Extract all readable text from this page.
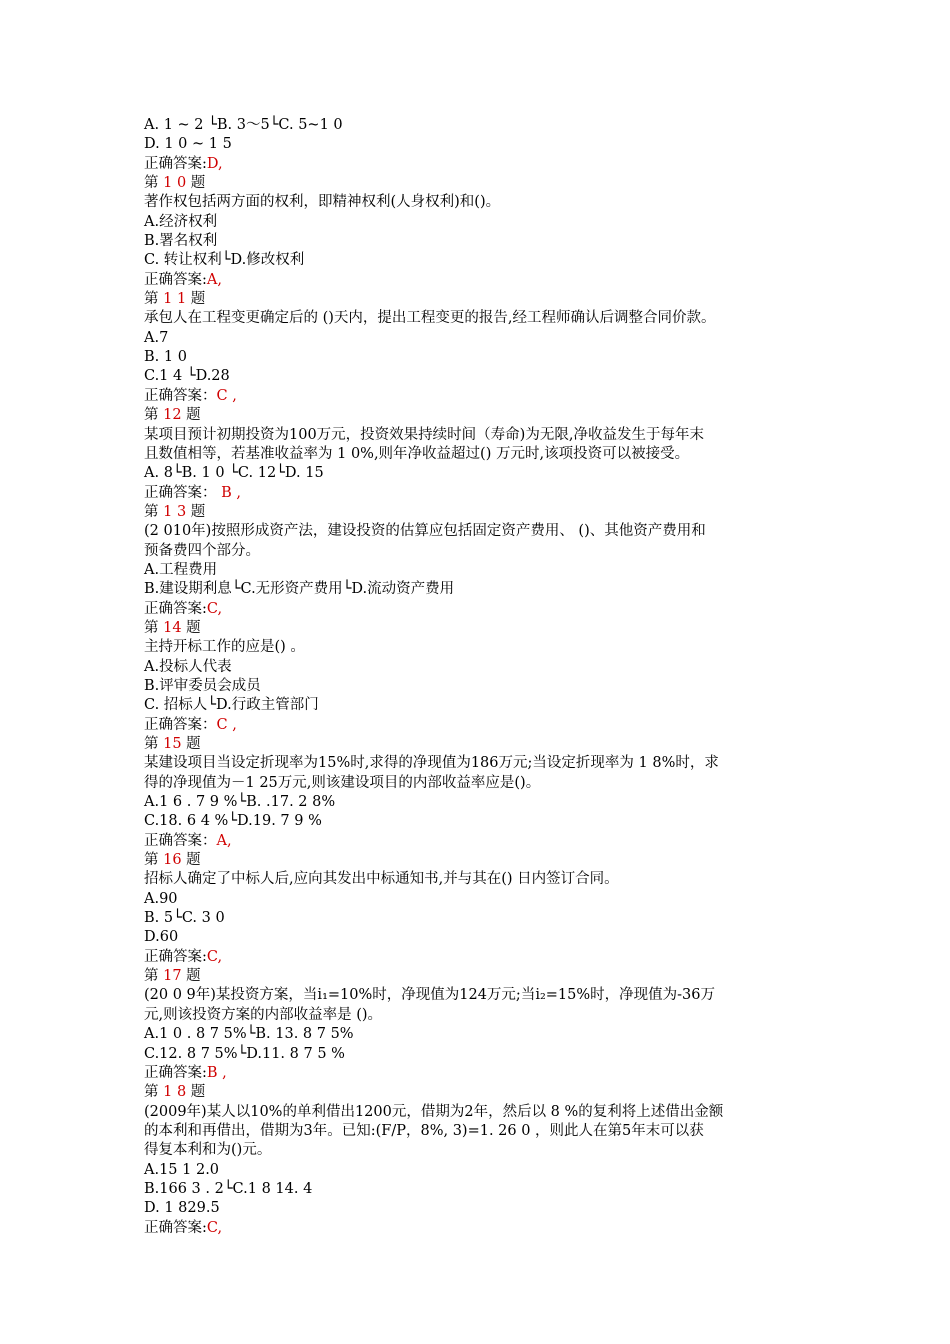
A. 1 ~ 2 └B. 3～5└C. 5~1 0
D. 1 0 ~ 1 5
正确答案:D,
第 1 0 题
著作权包括两方面的权利，即精神权利(人身权利)和()。
A.经济权利
B.署名权利
C. 转让权利└D.修改权利
正确答案:A,
第 1 1 题
承包人在工程变更确定后的 ()天内，提出工程变更的报告,经工程师确认后调整合同价款。
A.7
B. 1 0
C.1 4 └D.28
正确答案：C ,
第 12 题
某项目预计初期投资为100万元，投资效果持续时间（寿命)为无限,净收益发生于每年末
且数值相等，若基准收益率为 1 0%,则年净收益超过() 万元时,该项投资可以被接受。
A. 8└B. 1 0 └C. 12└D. 15
正确答案： B ,
第 1 3 题
(2 010年)按照形成资产法，建设投资的估算应包括固定资产费用、 ()、其他资产费用和
预备费四个部分。
A.工程费用
B.建设期利息└C.无形资产费用└D.流动资产费用
正确答案:C,
第 14 题
主持开标工作的应是() 。
A.投标人代表
B.评审委员会成员
C. 招标人└D.行政主管部门
正确答案：C ,
第 15 题
某建设项目当设定折现率为15%时,求得的净现值为186万元;当设定折现率为 1 8%时，求
得的净现值为－1 25万元,则该建设项目的内部收益率应是()。
A.1 6 . 7 9 %└B. .17. 2 8%
C.18. 6 4 %└D.19. 7 9 %
正确答案：A,
第 16 题
招标人确定了中标人后,应向其发出中标通知书,并与其在() 日内签订合同。
A.90
B. 5└C. 3 0
D.60
正确答案:C,
第 17 题
(20 0 9年)某投资方案，当i₁=10%时，净现值为124万元;当i₂=15%时，净现值为-36万
元,则该投资方案的内部收益率是 ()。
A.1 0 . 8 7 5%└B. 13. 8 7 5%
C.12. 8 7 5%└D.11. 8 7 5 %
正确答案:B ,
第 1 8 题
(2009年)某人以10%的单利借出1200元，借期为2年，然后以 8 %的复利将上述借出金额
的本利和再借出，借期为3年。已知:(F/P，8%, 3)=1. 26 0 ，则此人在第5年末可以获
得复本利和为()元。
A.15 1 2.0
B.166 3 . 2└C.1 8 14. 4
D. 1 829.5
正确答案:C,
